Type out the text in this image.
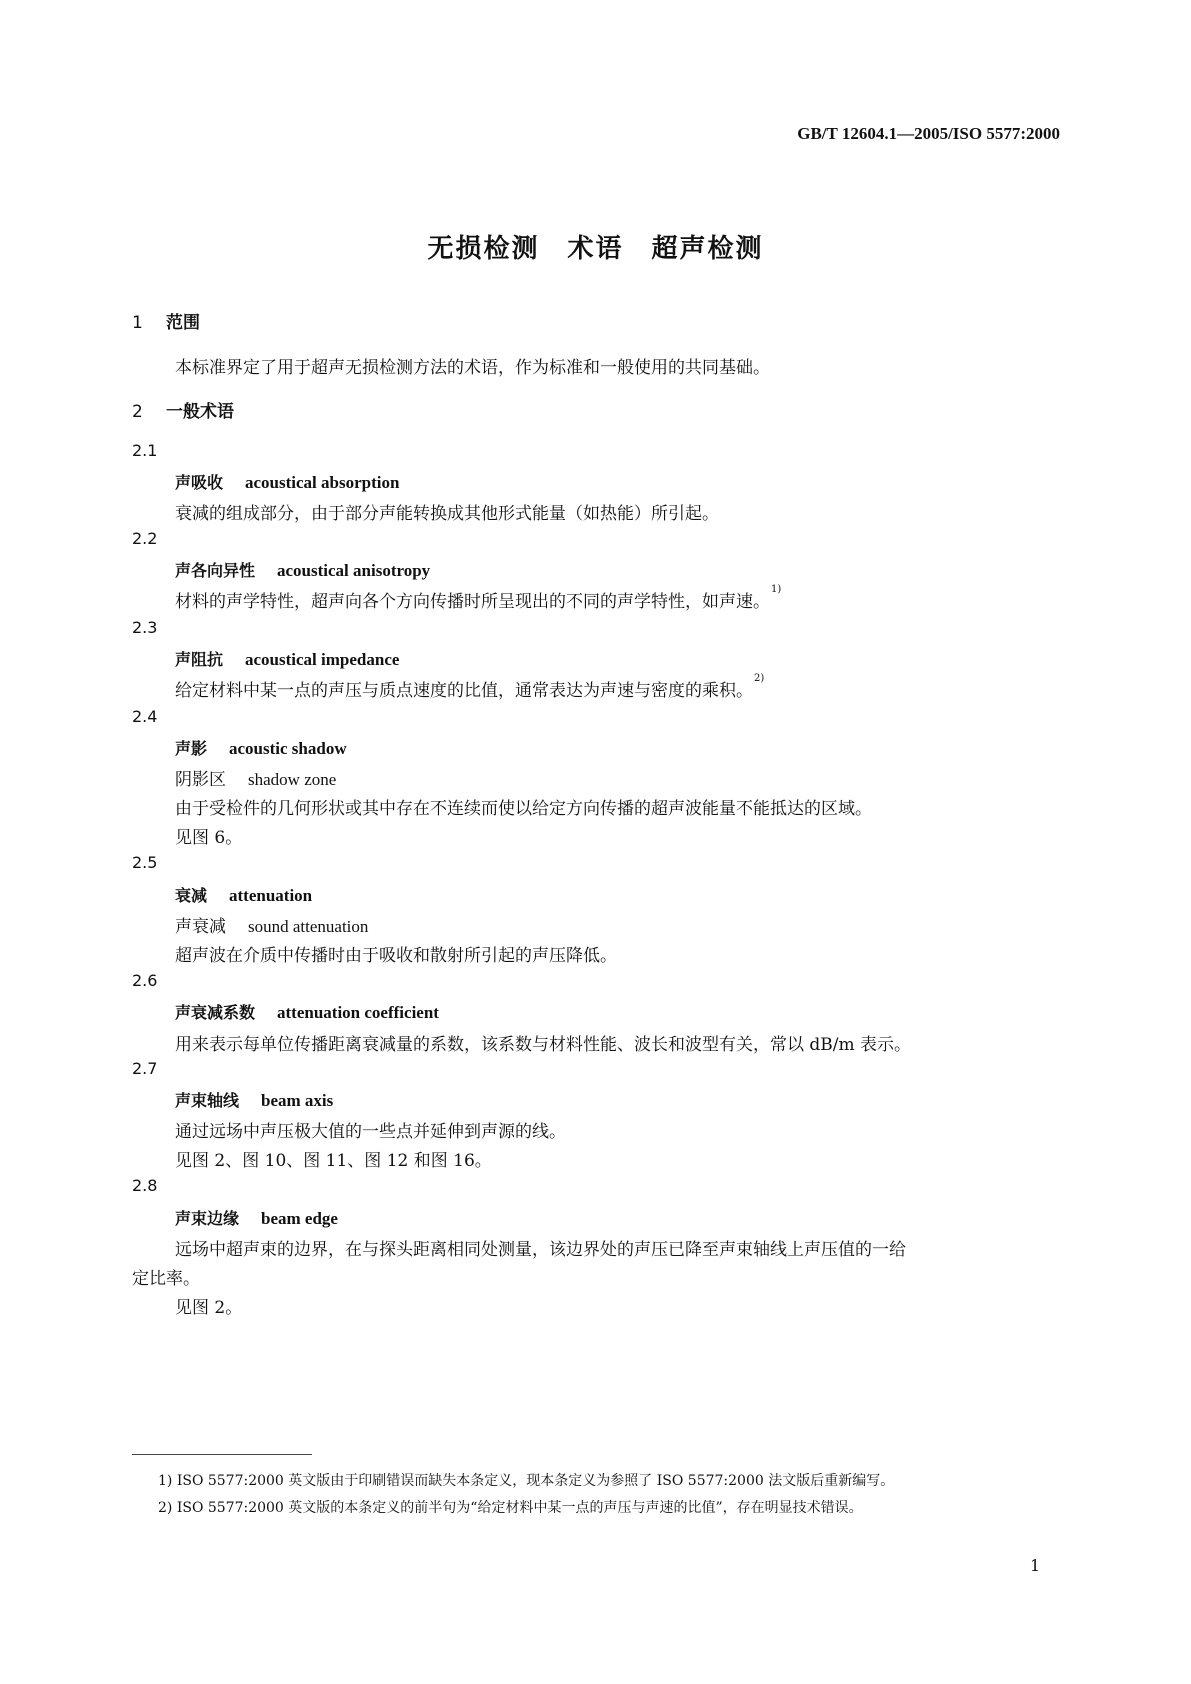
GB/T 12604.1—2005/ISO 5577:2000
无损检测　术语　超声检测
1 范围
本标准界定了用于超声无损检测方法的术语，作为标准和一般使用的共同基础。
2 一般术语
2.1
声吸收 acoustical absorption
衰减的组成部分，由于部分声能转换成其他形式能量（如热能）所引起。
2.2
声各向异性 acoustical anisotropy
材料的声学特性，超声向各个方向传播时所呈现出的不同的声学特性，如声速。$^{1)}$
2.3
声阻抗 acoustical impedance
给定材料中某一点的声压与质点速度的比值，通常表达为声速与密度的乘积。$^{2)}$
2.4
声影 acoustic shadow
阴影区 shadow zone
由于受检件的几何形状或其中存在不连续而使以给定方向传播的超声波能量不能抵达的区域。
见图 6。
2.5
衰减 attenuation
声衰减 sound attenuation
超声波在介质中传播时由于吸收和散射所引起的声压降低。
2.6
声衰减系数 attenuation coefficient
用来表示每单位传播距离衰减量的系数，该系数与材料性能、波长和波型有关，常以 dB/m 表示。
2.7
声束轴线 beam axis
通过远场中声压极大值的一些点并延伸到声源的线。
见图 2、图 10、图 11、图 12 和图 16。
2.8
声束边缘 beam edge
远场中超声束的边界，在与探头距离相同处测量，该边界处的声压已降至声束轴线上声压值的一给
定比率。
见图 2。
1) ISO 5577:2000 英文版由于印刷错误而缺失本条定义，现本条定义为参照了 ISO 5577:2000 法文版后重新编写。
2) ISO 5577:2000 英文版的本条定义的前半句为“给定材料中某一点的声压与声速的比值”，存在明显技术错误。
1
